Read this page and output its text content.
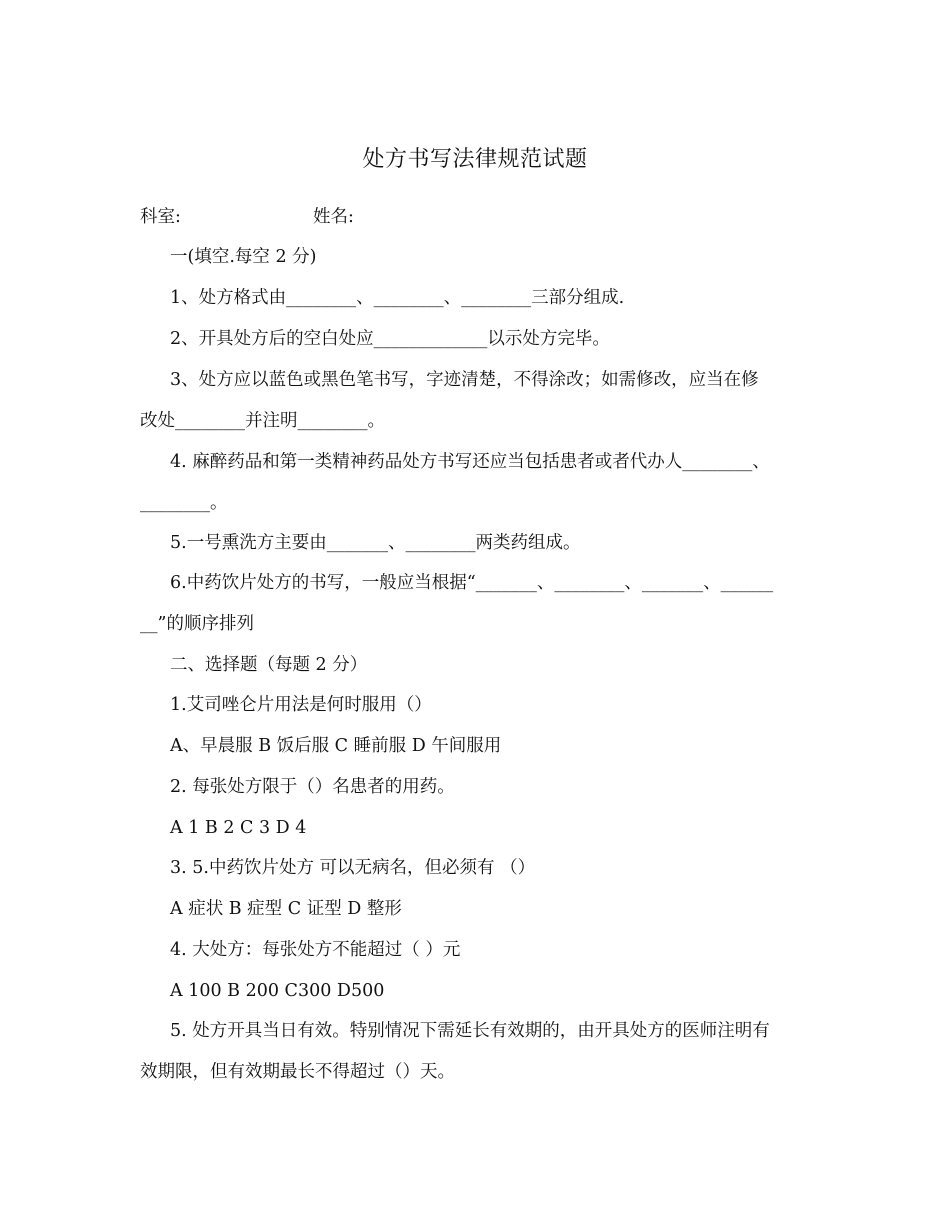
处方书写法律规范试题
科室:	姓名:
一(填空.每空 2 分)
1、处方格式由________、________、________三部分组成.
2、开具处方后的空白处应_____________以示处方完毕。
3、处方应以蓝色或黑色笔书写，字迹清楚，不得涂改；如需修改，应当在修
改处________并注明________。
4. 麻醉药品和第一类精神药品处方书写还应当包括患者或者代办人________、
________。
5.一号熏洗方主要由_______、________两类药组成。
6.中药饮片处方的书写，一般应当根据“_______、________、_______、______
__”的顺序排列
二、选择题（每题 2 分）
1.艾司唑仑片用法是何时服用（）
A、早晨服 B 饭后服 C 睡前服 D 午间服用
2. 每张处方限于（）名患者的用药。
A 1 B 2 C 3 D 4
3. 5.中药饮片处方 可以无病名，但必须有 （）
A 症状 B 症型 C 证型 D 整形
4. 大处方：每张处方不能超过（ ）元
A 100 B 200 C300 D500
5. 处方开具当日有效。特别情况下需延长有效期的，由开具处方的医师注明有
效期限，但有效期最长不得超过（）天。
